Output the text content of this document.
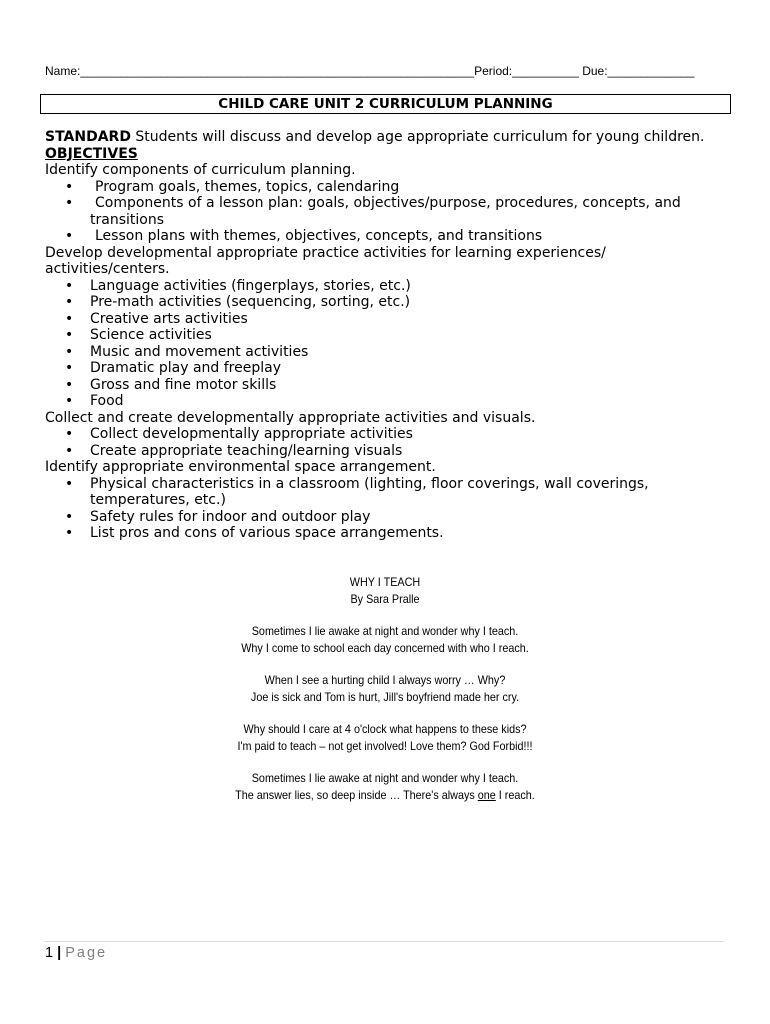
Name:___________________________________________________________Period:__________ Due:_____________
CHILD CARE UNIT 2 CURRICULUM PLANNING

STANDARD Students will discuss and develop age appropriate curriculum for young children.

OBJECTIVES

Identify components of curriculum planning.

• Program goals, themes, topics, calendaring
• Components of a lesson plan: goals, objectives/purpose, procedures, concepts, and
transitions
• Lesson plans with themes, objectives, concepts, and transitions

Develop developmental appropriate practice activities for learning experiences/

activities/centers.

• Language activities (fingerplays, stories, etc.)
• Pre-math activities (sequencing, sorting, etc.)
• Creative arts activities
• Science activities
• Music and movement activities
• Dramatic play and freeplay
• Gross and fine motor skills
• Food

Collect and create developmentally appropriate activities and visuals.

• Collect developmentally appropriate activities
• Create appropriate teaching/learning visuals

Identify appropriate environmental space arrangement.

• Physical characteristics in a classroom (lighting, floor coverings, wall coverings,
temperatures, etc.)
• Safety rules for indoor and outdoor play
• List pros and cons of various space arrangements.
WHY I TEACH
By Sara Pralle
Sometimes I lie awake at night and wonder why I teach.
Why I come to school each day concerned with who I reach.
When I see a hurting child I always worry … Why?
Joe is sick and Tom is hurt, Jill's boyfriend made her cry.
Why should I care at 4 o'clock what happens to these kids?
I'm paid to teach – not get involved! Love them? God Forbid!!!
Sometimes I lie awake at night and wonder why I teach.
The answer lies, so deep inside … There's always one I reach.
1 | Page
